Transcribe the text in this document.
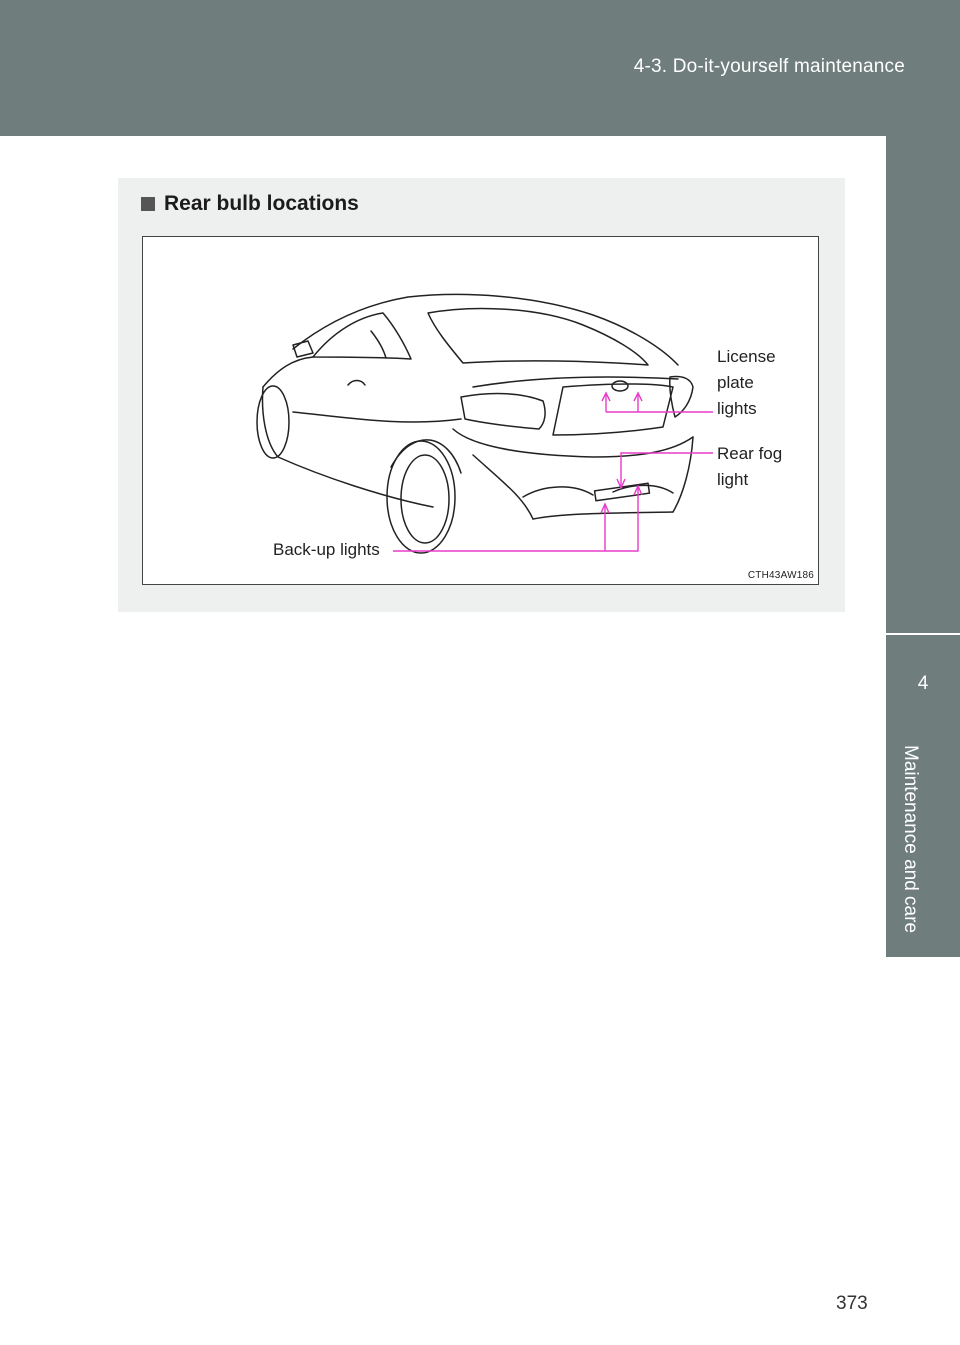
4-3. Do-it-yourself maintenance
4
Maintenance and care
Rear bulb locations
License
plate
lights
Rear fog
light
Back-up lights
CTH43AW186
373
